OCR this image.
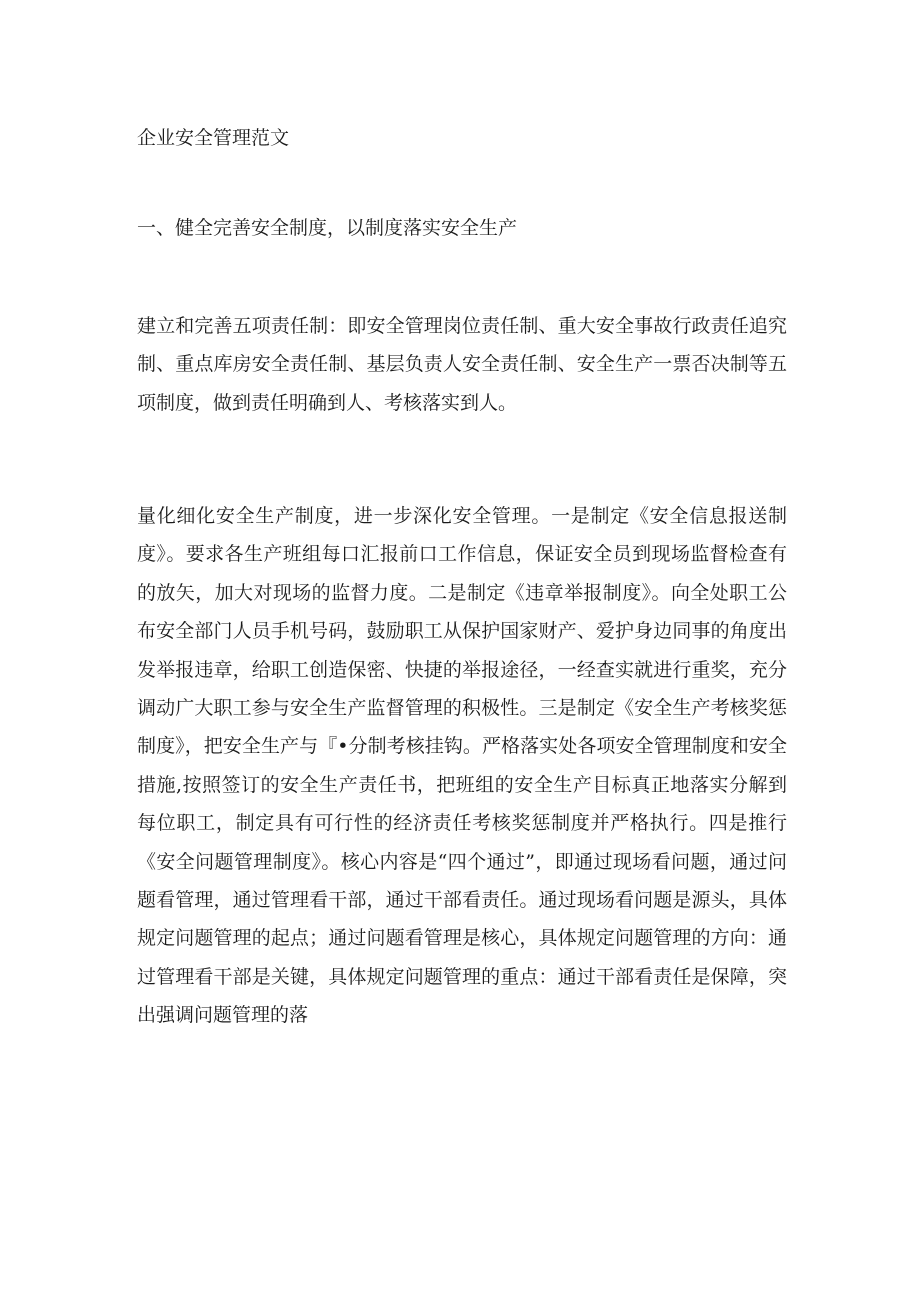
企业安全管理范文
一、健全完善安全制度，以制度落实安全生产

建立和完善五项责任制：即安全管理岗位责任制、重大安全事故行政责任追究制、重点库房安全责任制、基层负责人安全责任制、安全生产一票否决制等五项制度，做到责任明确到人、考核落实到人。

量化细化安全生产制度，进一步深化安全管理。一是制定《安全信息报送制度》。要求各生产班组每口汇报前口工作信息，保证安全员到现场监督检查有的放矢，加大对现场的监督力度。二是制定《违章举报制度》。向全处职工公布安全部门人员手机号码，鼓励职工从保护国家财产、爱护身边同事的角度出发举报违章，给职工创造保密、快捷的举报途径，一经查实就进行重奖，充分调动广大职工参与安全生产监督管理的积极性。三是制定《安全生产考核奖惩制度》，把安全生产与『•分制考核挂钩。严格落实处各项安全管理制度和安全措施,按照签订的安全生产责任书，把班组的安全生产目标真正地落实分解到每位职工，制定具有可行性的经济责任考核奖惩制度并严格执行。四是推行《安全问题管理制度》。核心内容是“四个通过”，即通过现场看问题，通过问题看管理，通过管理看干部，通过干部看责任。通过现场看问题是源头，具体规定问题管理的起点；通过问题看管理是核心，具体规定问题管理的方向：通过管理看干部是关键，具体规定问题管理的重点：通过干部看责任是保障，突出强调问题管理的落
